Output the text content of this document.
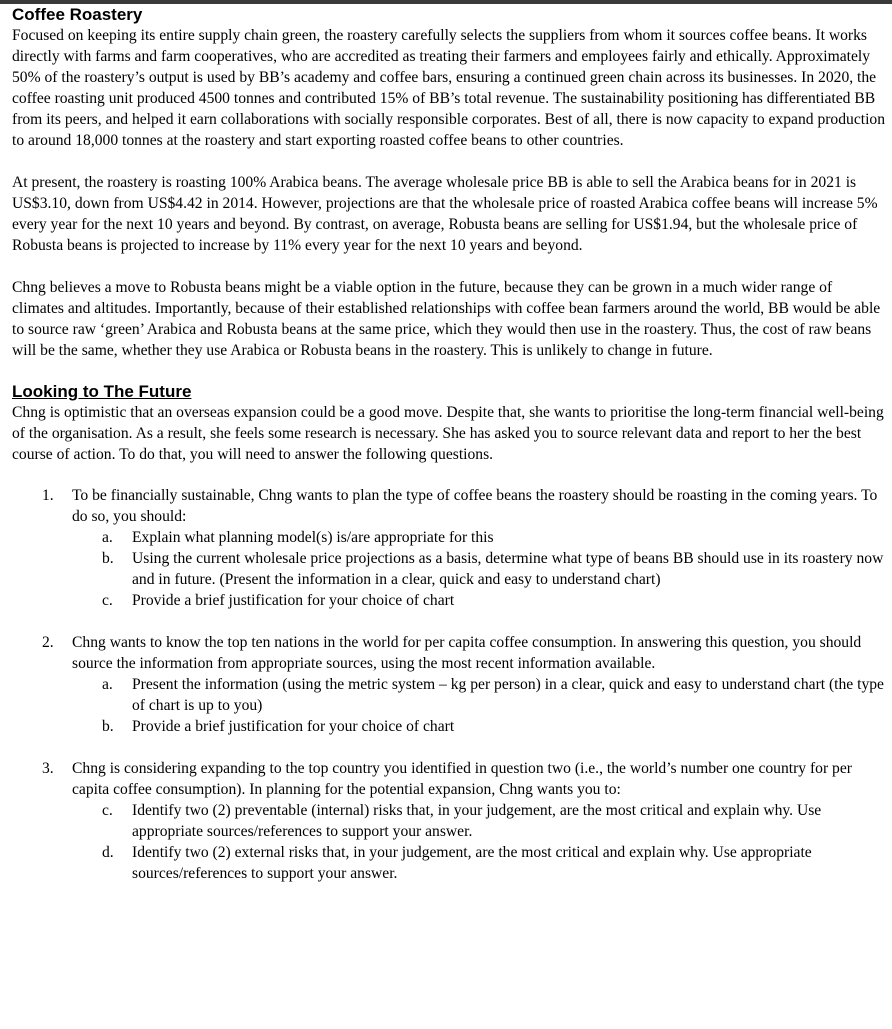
Coffee Roastery

Focused on keeping its entire supply chain green, the roastery carefully selects the suppliers from whom it sources coffee beans. It works directly with farms and farm cooperatives, who are accredited as treating their farmers and employees fairly and ethically. Approximately 50% of the roastery’s output is used by BB’s academy and coffee bars, ensuring a continued green chain across its businesses. In 2020, the coffee roasting unit produced 4500 tonnes and contributed 15% of BB’s total revenue. The sustainability positioning has differentiated BB from its peers, and helped it earn collaborations with socially responsible corporates. Best of all, there is now capacity to expand production to around 18,000 tonnes at the roastery and start exporting roasted coffee beans to other countries.

At present, the roastery is roasting 100% Arabica beans. The average wholesale price BB is able to sell the Arabica beans for in 2021 is US$3.10, down from US$4.42 in 2014. However, projections are that the wholesale price of roasted Arabica coffee beans will increase 5% every year for the next 10 years and beyond. By contrast, on average, Robusta beans are selling for US$1.94, but the wholesale price of Robusta beans is projected to increase by 11% every year for the next 10 years and beyond.

Chng believes a move to Robusta beans might be a viable option in the future, because they can be grown in a much wider range of climates and altitudes. Importantly, because of their established relationships with coffee bean farmers around the world, BB would be able to source raw ‘green’ Arabica and Robusta beans at the same price, which they would then use in the roastery. Thus, the cost of raw beans will be the same, whether they use Arabica or Robusta beans in the roastery. This is unlikely to change in future.

Looking to The Future

Chng is optimistic that an overseas expansion could be a good move. Despite that, she wants to prioritise the long-term financial well-being of the organisation. As a result, she feels some research is necessary. She has asked you to source relevant data and report to her the best course of action. To do that, you will need to answer the following questions.

1. To be financially sustainable, Chng wants to plan the type of coffee beans the roastery should be roasting in the coming years. To do so, you should:
a. Explain what planning model(s) is/are appropriate for this
b. Using the current wholesale price projections as a basis, determine what type of beans BB should use in its roastery now and in future. (Present the information in a clear, quick and easy to understand chart)
c. Provide a brief justification for your choice of chart
2. Chng wants to know the top ten nations in the world for per capita coffee consumption. In answering this question, you should source the information from appropriate sources, using the most recent information available.
a. Present the information (using the metric system – kg per person) in a clear, quick and easy to understand chart (the type of chart is up to you)
b. Provide a brief justification for your choice of chart
3. Chng is considering expanding to the top country you identified in question two (i.e., the world’s number one country for per capita coffee consumption). In planning for the potential expansion, Chng wants you to:
c. Identify two (2) preventable (internal) risks that, in your judgement, are the most critical and explain why. Use appropriate sources/references to support your answer.
d. Identify two (2) external risks that, in your judgement, are the most critical and explain why. Use appropriate sources/references to support your answer.
